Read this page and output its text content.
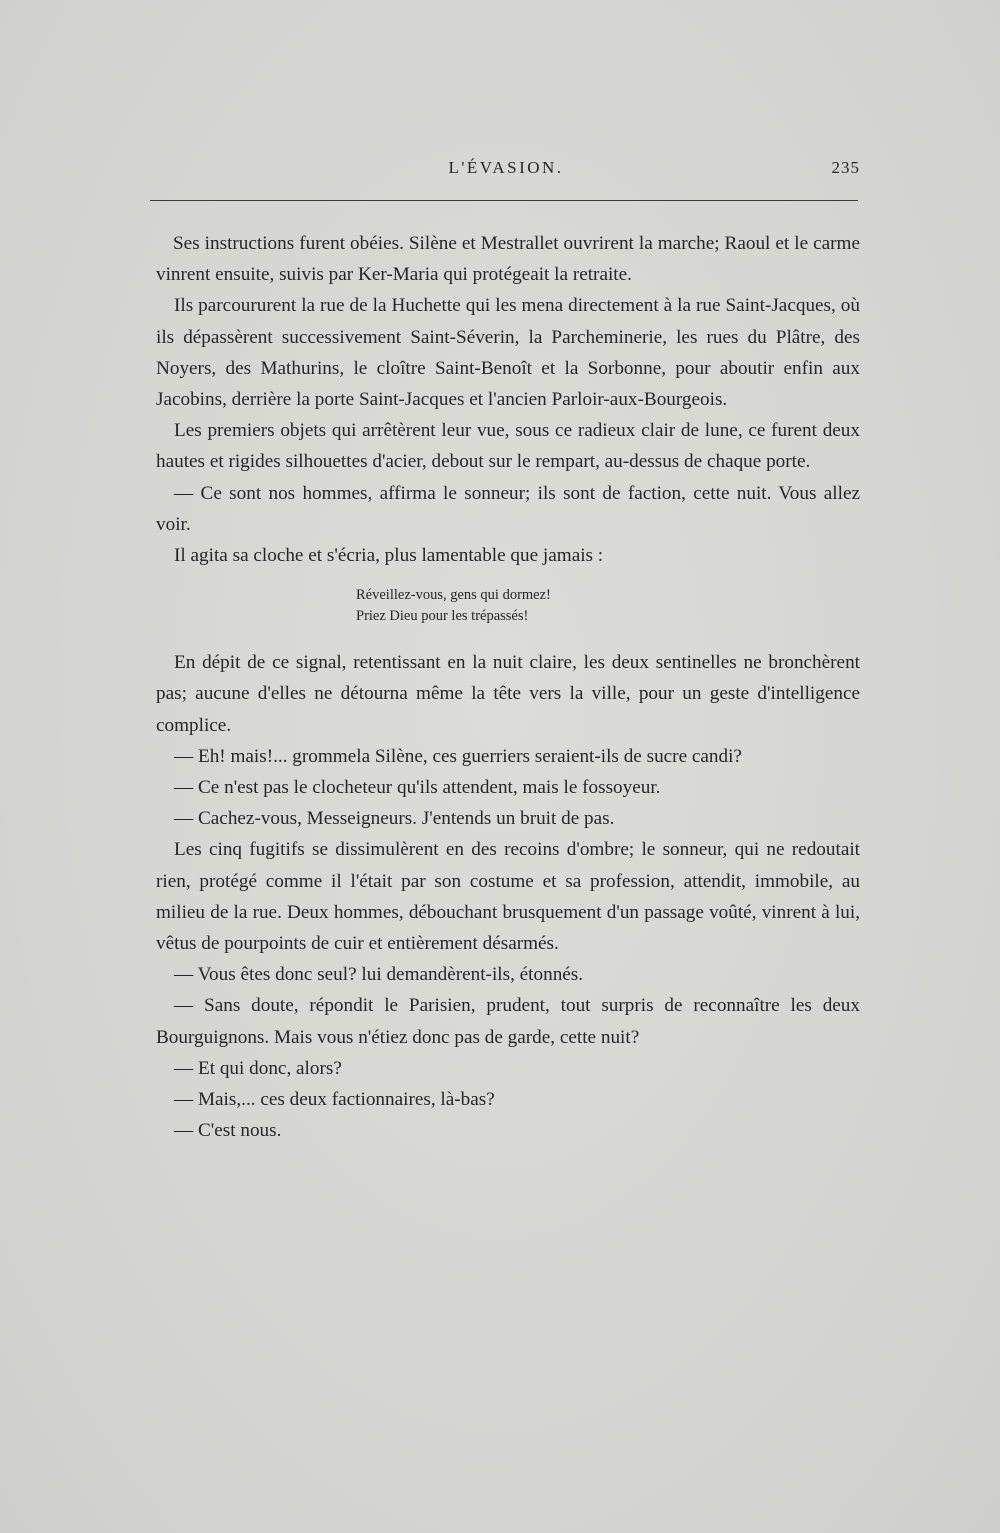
L'ÉVASION.	235

Ses instructions furent obéies. Silène et Mestrallet ouvrirent la marche; Raoul et le carme vinrent ensuite, suivis par Ker-Maria qui protégeait la retraite.

Ils parcoururent la rue de la Huchette qui les mena directement à la rue Saint-Jacques, où ils dépassèrent successivement Saint-Séverin, la Parcheminerie, les rues du Plâtre, des Noyers, des Mathurins, le cloître Saint-Benoît et la Sorbonne, pour aboutir enfin aux Jacobins, derrière la porte Saint-Jacques et l'ancien Parloir-aux-Bourgeois.

Les premiers objets qui arrêtèrent leur vue, sous ce radieux clair de lune, ce furent deux hautes et rigides silhouettes d'acier, debout sur le rempart, au-dessus de chaque porte.

— Ce sont nos hommes, affirma le sonneur; ils sont de faction, cette nuit. Vous allez voir.

Il agita sa cloche et s'écria, plus lamentable que jamais :

Réveillez-vous, gens qui dormez!
Priez Dieu pour les trépassés!

En dépit de ce signal, retentissant en la nuit claire, les deux sentinelles ne bronchèrent pas; aucune d'elles ne détourna même la tête vers la ville, pour un geste d'intelligence complice.

— Eh! mais!... grommela Silène, ces guerriers seraient-ils de sucre candi?

— Ce n'est pas le clocheteur qu'ils attendent, mais le fossoyeur.

— Cachez-vous, Messeigneurs. J'entends un bruit de pas.

Les cinq fugitifs se dissimulèrent en des recoins d'ombre; le sonneur, qui ne redoutait rien, protégé comme il l'était par son costume et sa profession, attendit, immobile, au milieu de la rue. Deux hommes, débouchant brusquement d'un passage voûté, vinrent à lui, vêtus de pourpoints de cuir et entièrement désarmés.

— Vous êtes donc seul? lui demandèrent-ils, étonnés.

— Sans doute, répondit le Parisien, prudent, tout surpris de reconnaître les deux Bourguignons. Mais vous n'étiez donc pas de garde, cette nuit?

— Et qui donc, alors?

— Mais,... ces deux factionnaires, là-bas?

— C'est nous.
